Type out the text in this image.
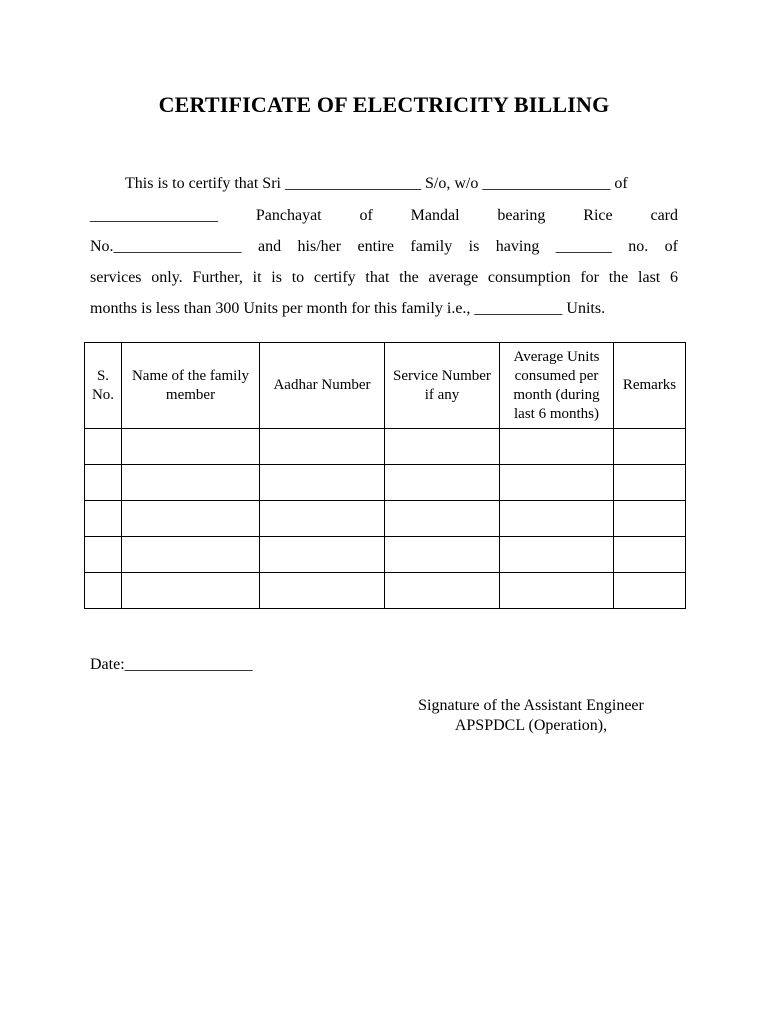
CERTIFICATE OF ELECTRICITY BILLING
This is to certify that Sri _________________ S/o, w/o ________________ of
________________ Panchayat of Mandal bearing Rice card
No.________________ and his/her entire family is having _______ no. of
services only. Further, it is to certify that the average consumption for the last 6
months is less than 300 Units per month for this family i.e., ___________ Units.
S. No.	Name of the family member	Aadhar Number	Service Number if any	Average Units consumed per month (during last 6 months)	Remarks

Date:________________
Signature of the Assistant Engineer
APSPDCL (Operation),
